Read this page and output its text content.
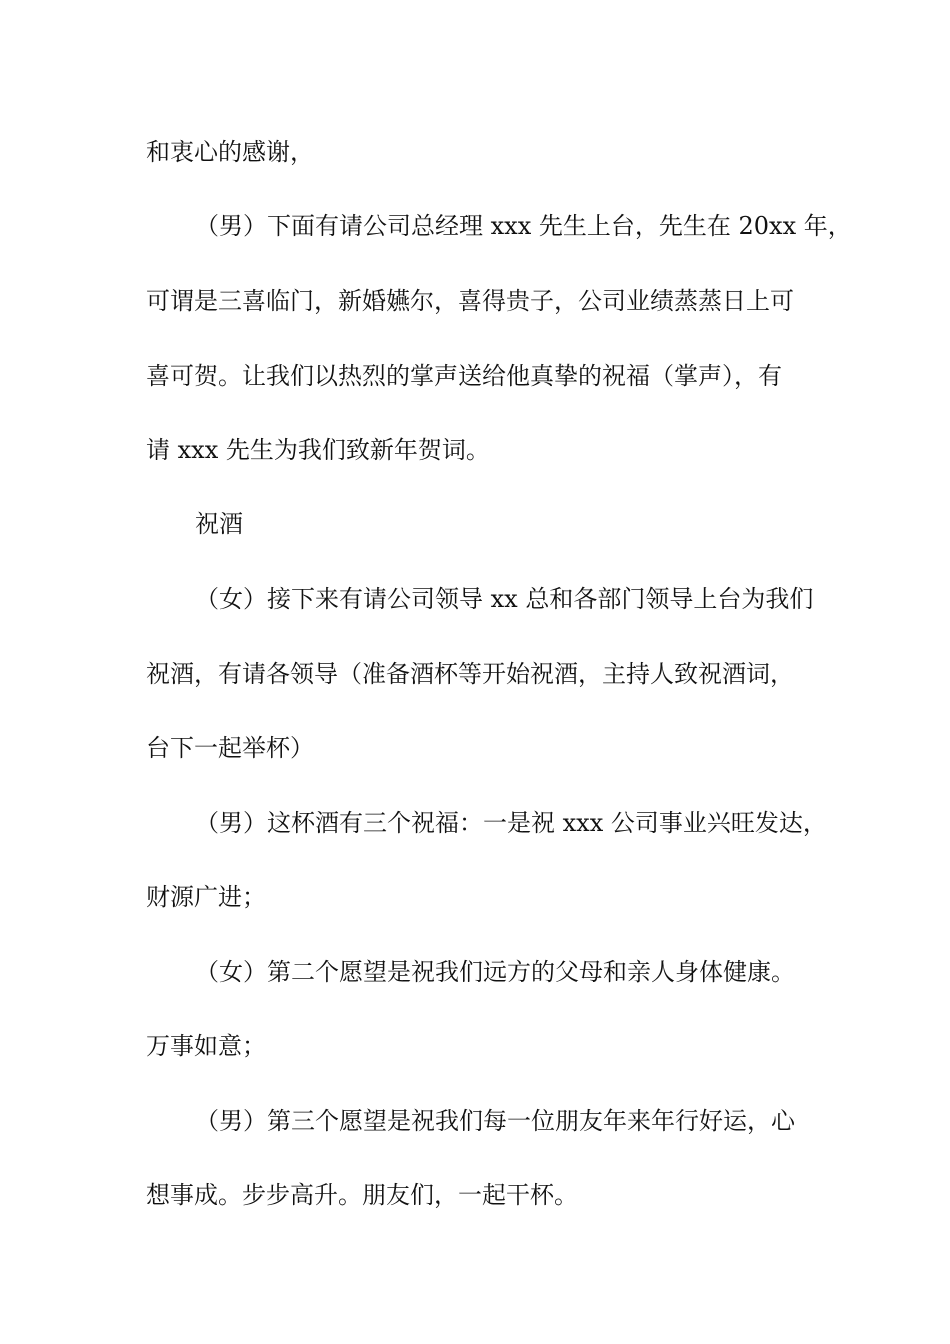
和衷心的感谢，
（男）下面有请公司总经理 xxx 先生上台，先生在 20xx 年，
可谓是三喜临门，新婚嬿尔，喜得贵子，公司业绩蒸蒸日上可
喜可贺。让我们以热烈的掌声送给他真挚的祝福（掌声），有
请 xxx 先生为我们致新年贺词。
祝酒
（女）接下来有请公司领导 xx 总和各部门领导上台为我们
祝酒，有请各领导（准备酒杯等开始祝酒，主持人致祝酒词，
台下一起举杯）
（男）这杯酒有三个祝福：一是祝 xxx 公司事业兴旺发达，
财源广进；
（女）第二个愿望是祝我们远方的父母和亲人身体健康。
万事如意；
（男）第三个愿望是祝我们每一位朋友年来年行好运，心
想事成。步步高升。朋友们，一起干杯。
